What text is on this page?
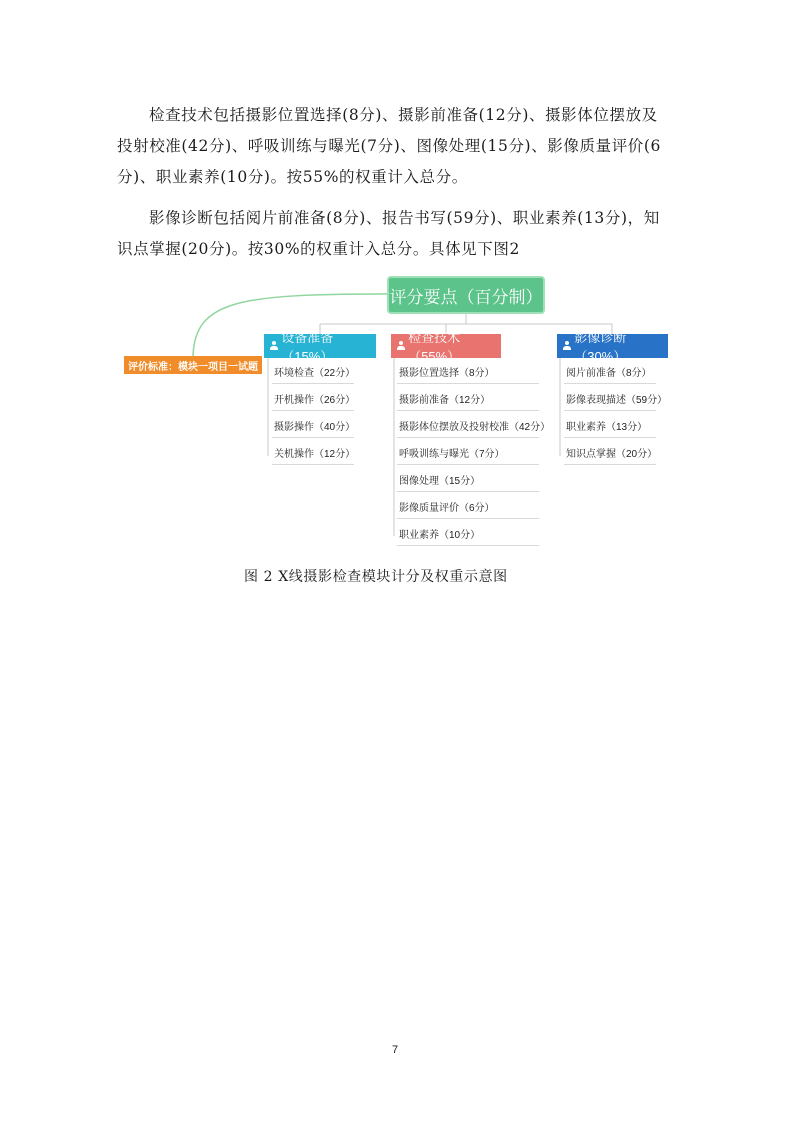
检查技术包括摄影位置选择(8分)、摄影前准备(12分)、摄影体位摆放及
投射校准(42分)、呼吸训练与曝光(7分)、图像处理(15分)、影像质量评价(6
分)、职业素养(10分)。按55%的权重计入总分。

影像诊断包括阅片前准备(8分)、报告书写(59分)、职业素养(13分)，知
识点掌握(20分)。按30%的权重计入总分。具体见下图2

评分要点（百分制）
评价标准：模块一项目一试题
设备准备（15%）
检查技术（55%）
影像诊断（30%）
环境检查（22分）
开机操作（26分）
摄影操作（40分）
关机操作（12分）
摄影位置选择（8分）
摄影前准备（12分）
摄影体位摆放及投射校准（42分）
呼吸训练与曝光（7分）
图像处理（15分）
影像质量评价（6分）
职业素养（10分）
阅片前准备（8分）
影像表现描述（59分）
职业素养（13分）
知识点掌握（20分）
图 2 X线摄影检查模块计分及权重示意图
7
